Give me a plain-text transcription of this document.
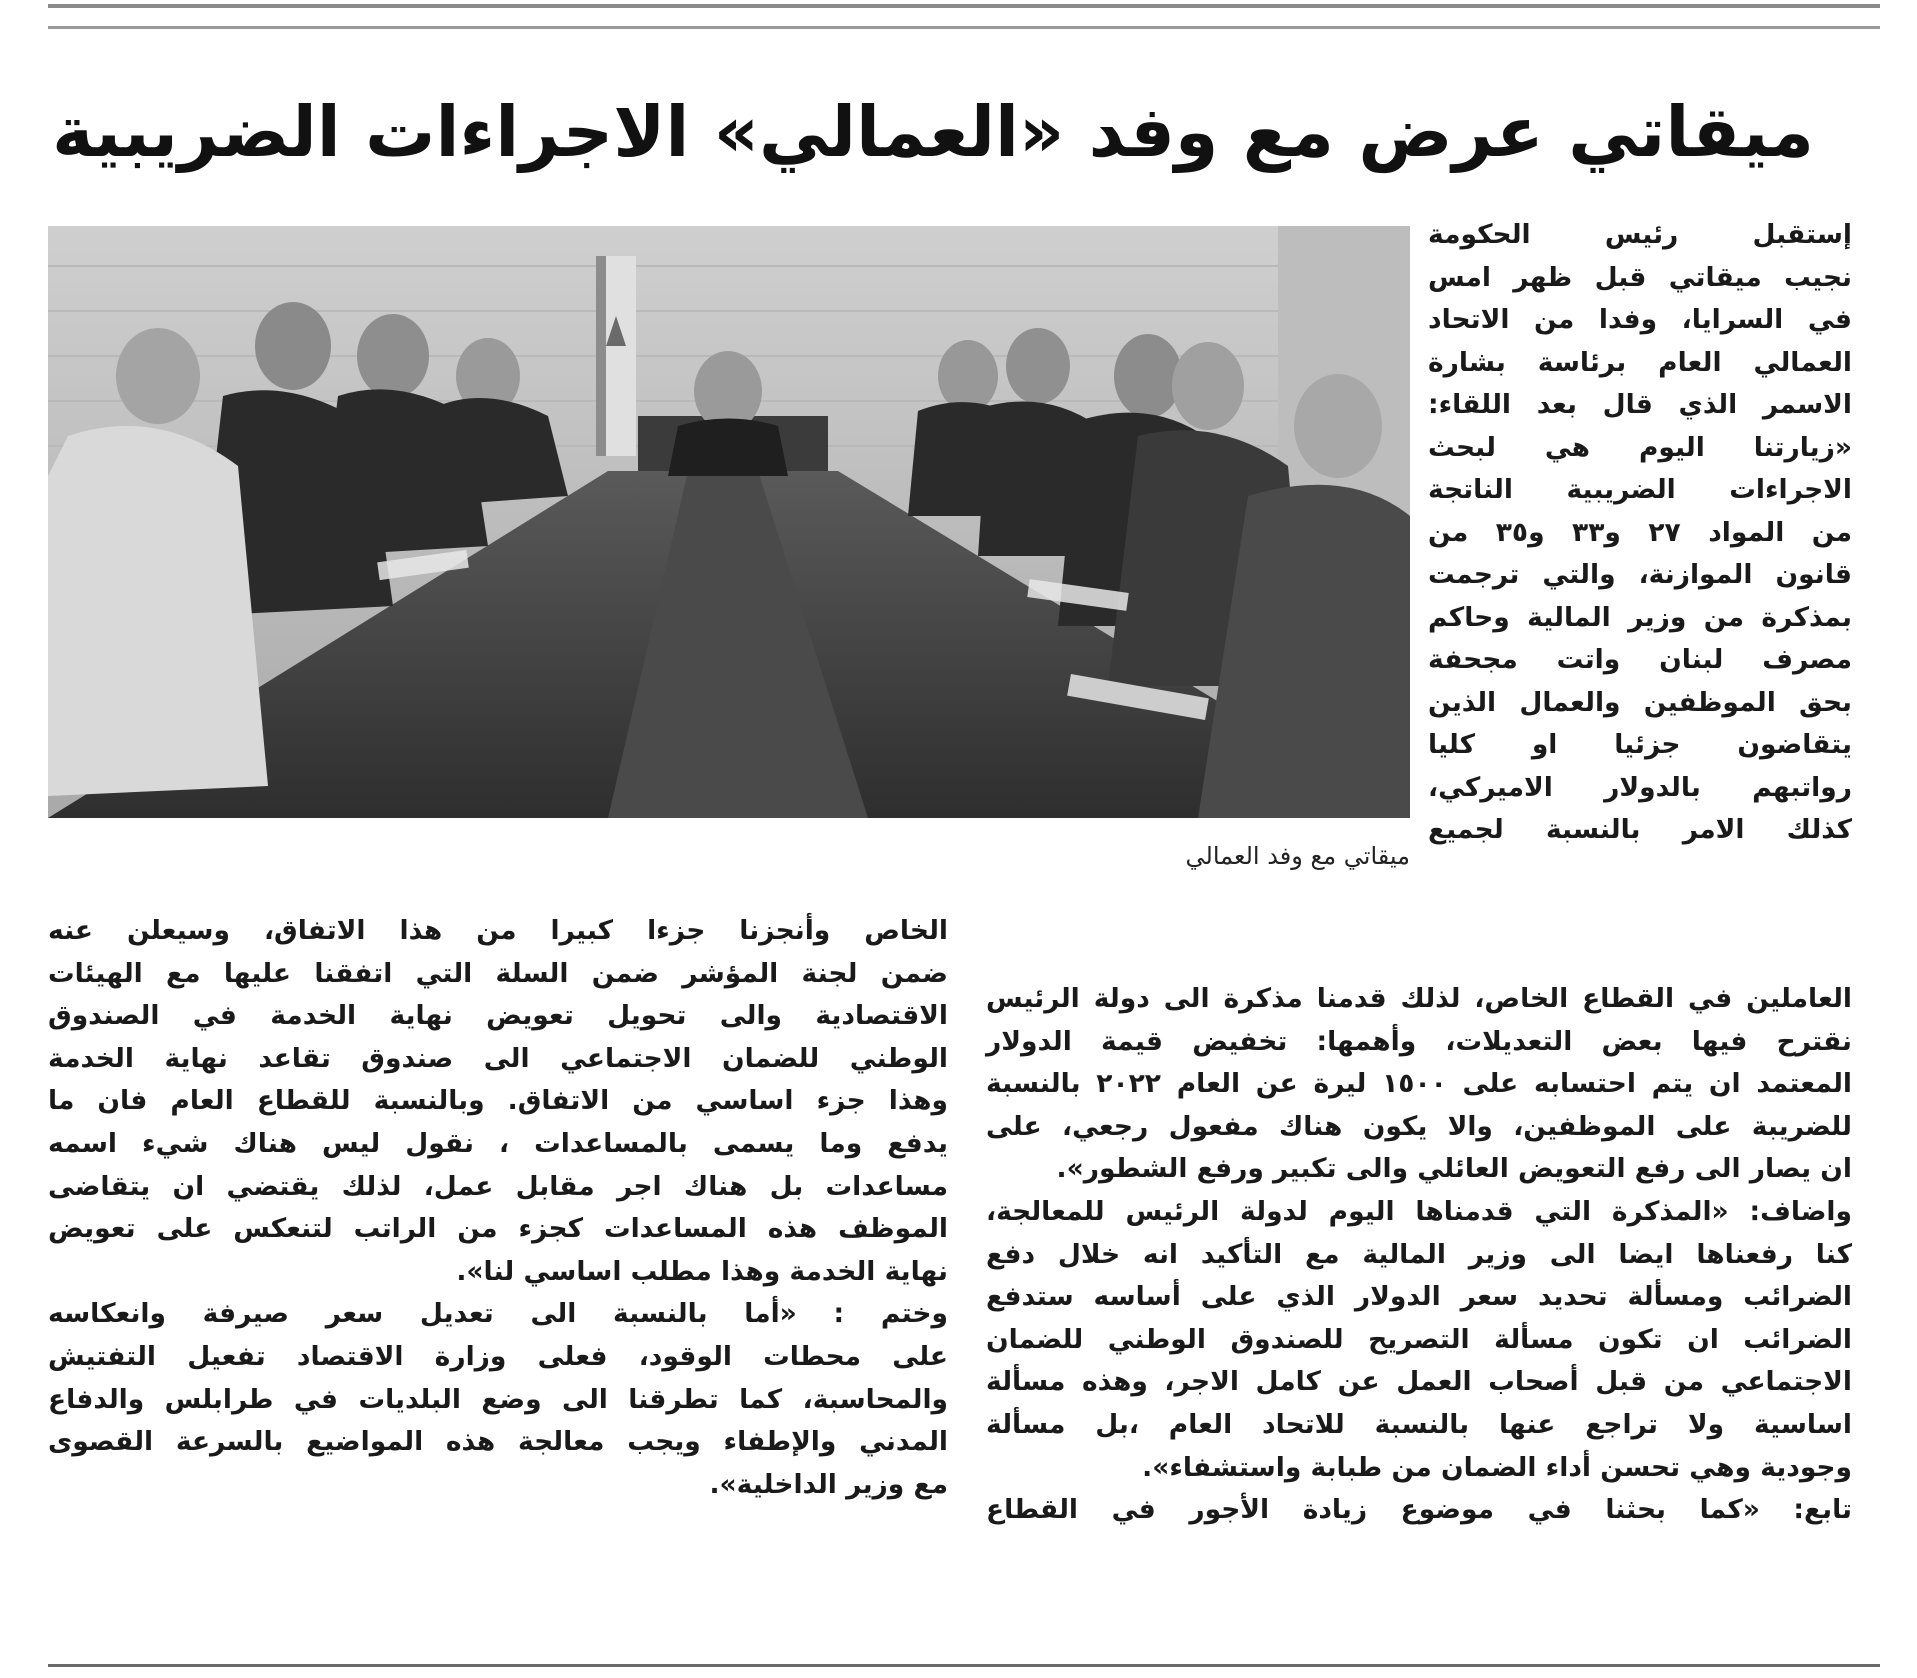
ميقاتي عرض مع وفد «العمالي» الاجراءات الضريبية
ميقاتي مع وفد العمالي
إستقبل رئيس الحكومة
نجيب ميقاتي قبل ظهر امس
في السرايا، وفدا من الاتحاد
العمالي العام برئاسة بشارة
الاسمر الذي قال بعد اللقاء:
«زيارتنا اليوم هي لبحث
الاجراءات الضريبية الناتجة
من المواد ٢٧ و٣٣ و٣٥ من
قانون الموازنة، والتي ترجمت
بمذكرة من وزير المالية وحاكم
مصرف لبنان واتت مجحفة
بحق الموظفين والعمال الذين
يتقاضون جزئيا او كليا
رواتبهم بالدولار الاميركي،
كذلك الامر بالنسبة لجميع
العاملين في القطاع الخاص، لذلك قدمنا مذكرة الى دولة الرئيس
نقترح فيها بعض التعديلات، وأهمها: تخفيض قيمة الدولار
المعتمد ان يتم احتسابه على ١٥٠٠ ليرة عن العام ٢٠٢٢ بالنسبة
للضريبة على الموظفين، والا يكون هناك مفعول رجعي، على
ان يصار الى رفع التعويض العائلي والى تكبير ورفع الشطور».
واضاف: «المذكرة التي قدمناها اليوم لدولة الرئيس للمعالجة،
كنا رفعناها ايضا الى وزير المالية مع التأكيد انه خلال دفع
الضرائب ومسألة تحديد سعر الدولار الذي على أساسه ستدفع
الضرائب ان تكون مسألة التصريح للصندوق الوطني للضمان
الاجتماعي من قبل أصحاب العمل عن كامل الاجر، وهذه مسألة
اساسية ولا تراجع عنها بالنسبة للاتحاد العام ،بل مسألة
وجودية وهي تحسن أداء الضمان من طبابة واستشفاء».
تابع: «كما بحثنا في موضوع زيادة الأجور في القطاع
الخاص وأنجزنا جزءا كبيرا من هذا الاتفاق، وسيعلن عنه
ضمن لجنة المؤشر ضمن السلة التي اتفقنا عليها مع الهيئات
الاقتصادية والى تحويل تعويض نهاية الخدمة في الصندوق
الوطني للضمان الاجتماعي الى صندوق تقاعد نهاية الخدمة
وهذا جزء اساسي من الاتفاق. وبالنسبة للقطاع العام فان ما
يدفع وما يسمى بالمساعدات ، نقول ليس هناك شيء اسمه
مساعدات بل هناك اجر مقابل عمل، لذلك يقتضي ان يتقاضى
الموظف هذه المساعدات كجزء من الراتب لتنعكس على تعويض
نهاية الخدمة وهذا مطلب اساسي لنا».
وختم : «أما بالنسبة الى تعديل سعر صيرفة وانعكاسه
على محطات الوقود، فعلى وزارة الاقتصاد تفعيل التفتيش
والمحاسبة، كما تطرقنا الى وضع البلديات في طرابلس والدفاع
المدني والإطفاء ويجب معالجة هذه المواضيع بالسرعة القصوى
مع وزير الداخلية».
